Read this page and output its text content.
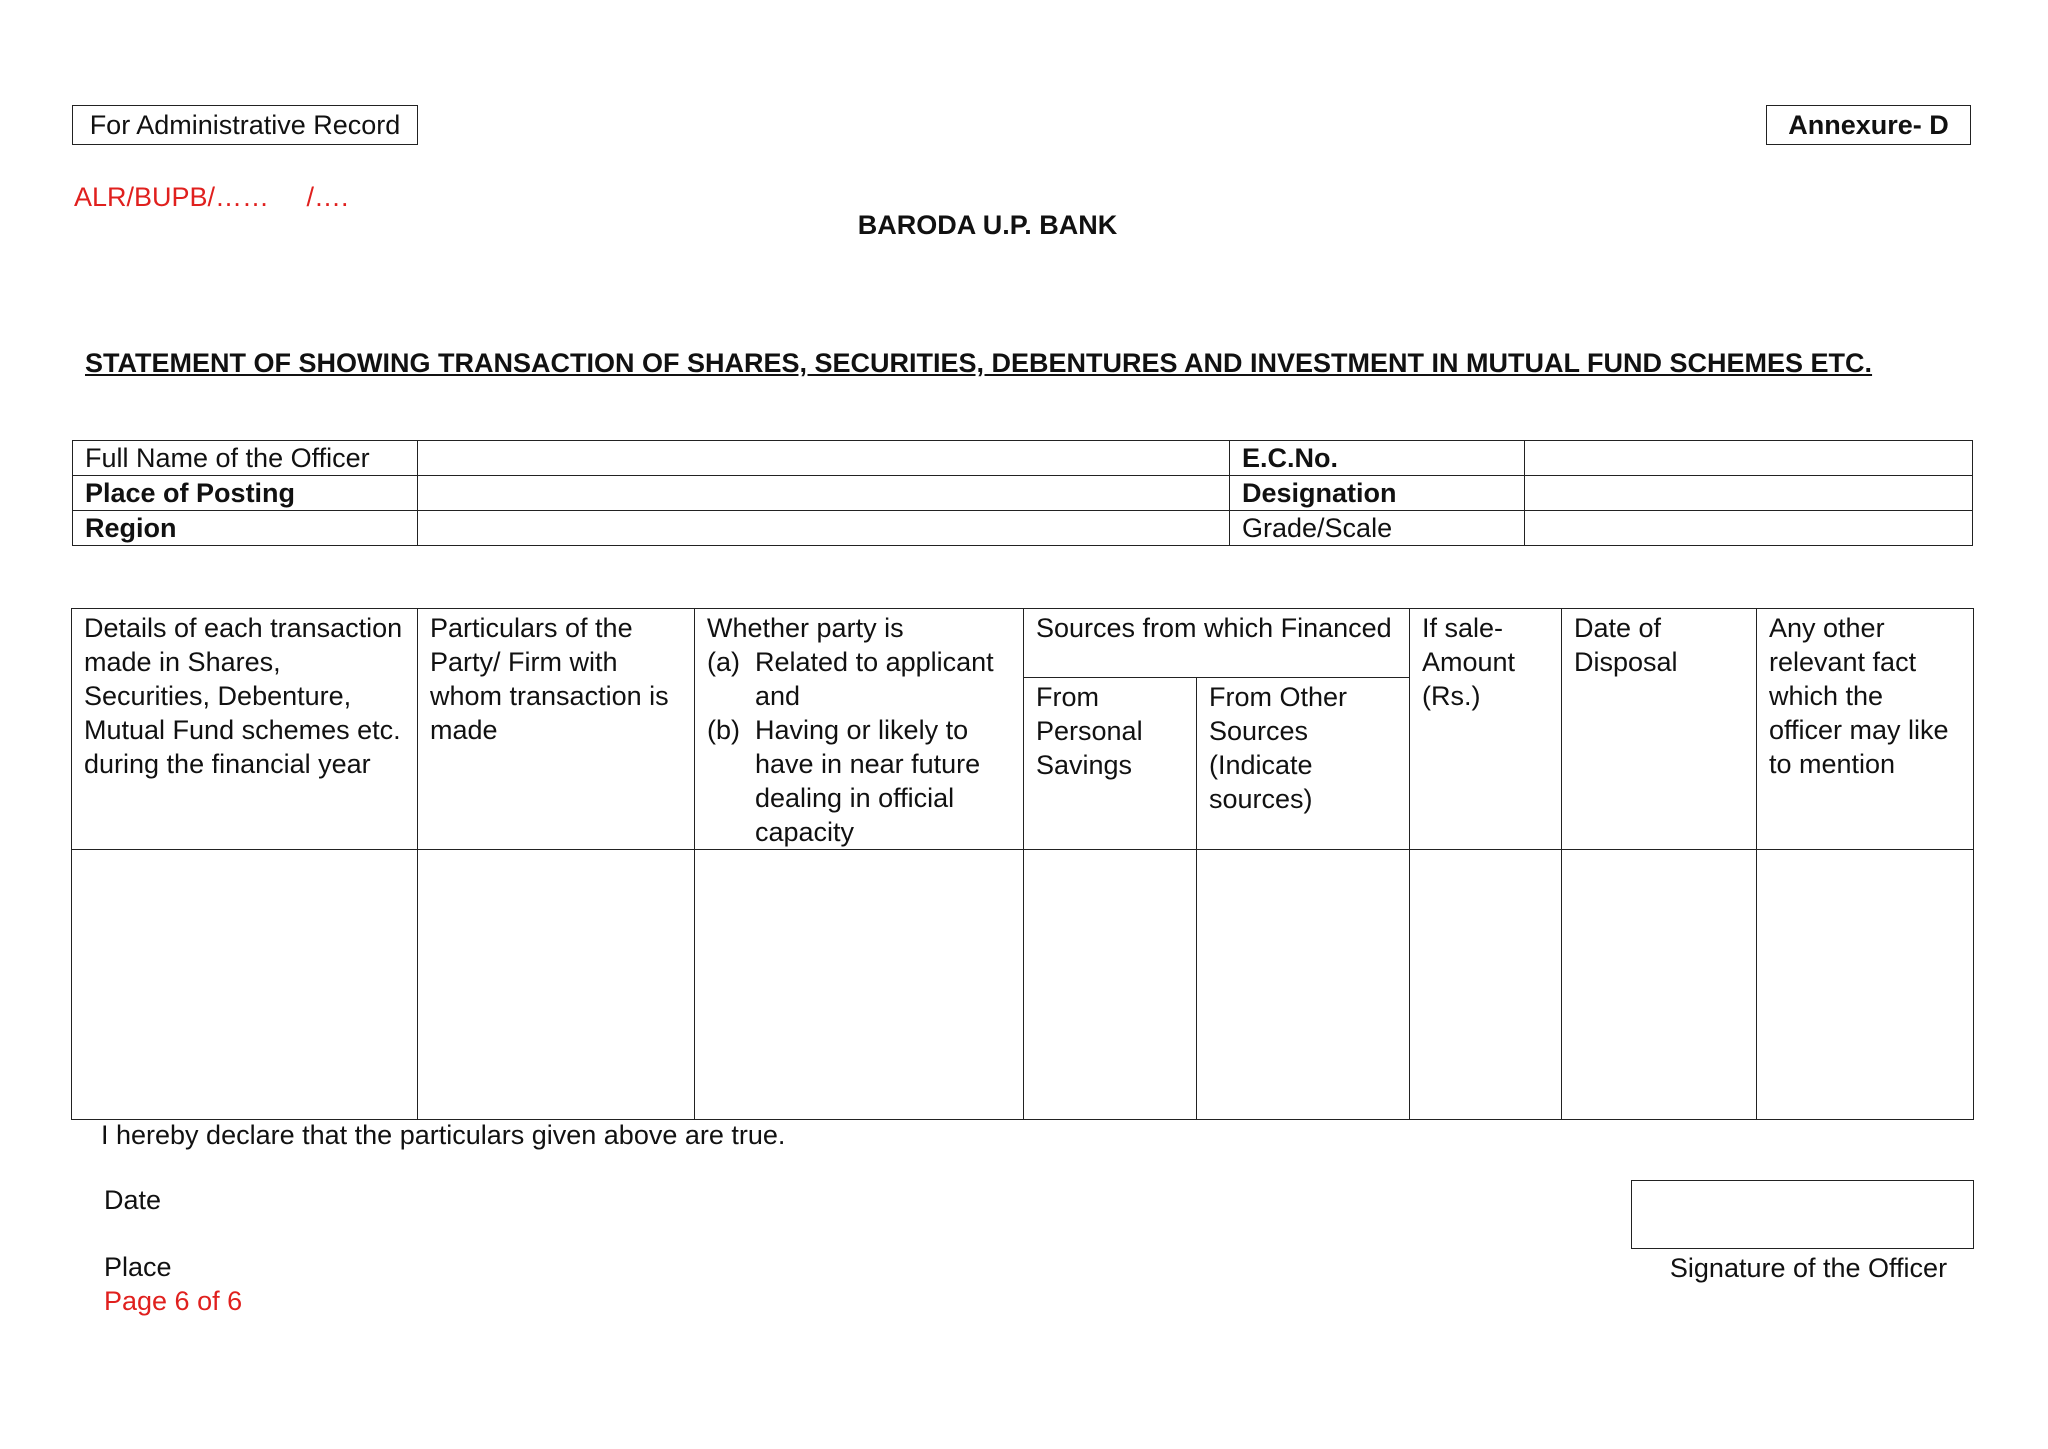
For Administrative Record	Annexure- D
ALR/BUPB/……     /….
BARODA U.P. BANK
STATEMENT OF SHOWING TRANSACTION OF SHARES, SECURITIES, DEBENTURES AND INVESTMENT IN MUTUAL FUND SCHEMES ETC.
Full Name of the Officer		E.C.No.	
Place of Posting		Designation	
Region		Grade/Scale	
Details of each transaction made in Shares, Securities, Debenture, Mutual Fund schemes etc. during the financial year	Particulars of the Party/ Firm with whom transaction is made	Whether party is
(a) Related to applicant and
(b) Having or likely to have in near future dealing in official capacity	Sources from which Financed		If sale-Amount (Rs.)	Date of Disposal	Any other relevant fact which the officer may like to mention
			From Personal Savings	From Other Sources (Indicate sources)			

I hereby declare that the particulars given above are true.
Date
Place
Page 6 of 6
Signature of the Officer
